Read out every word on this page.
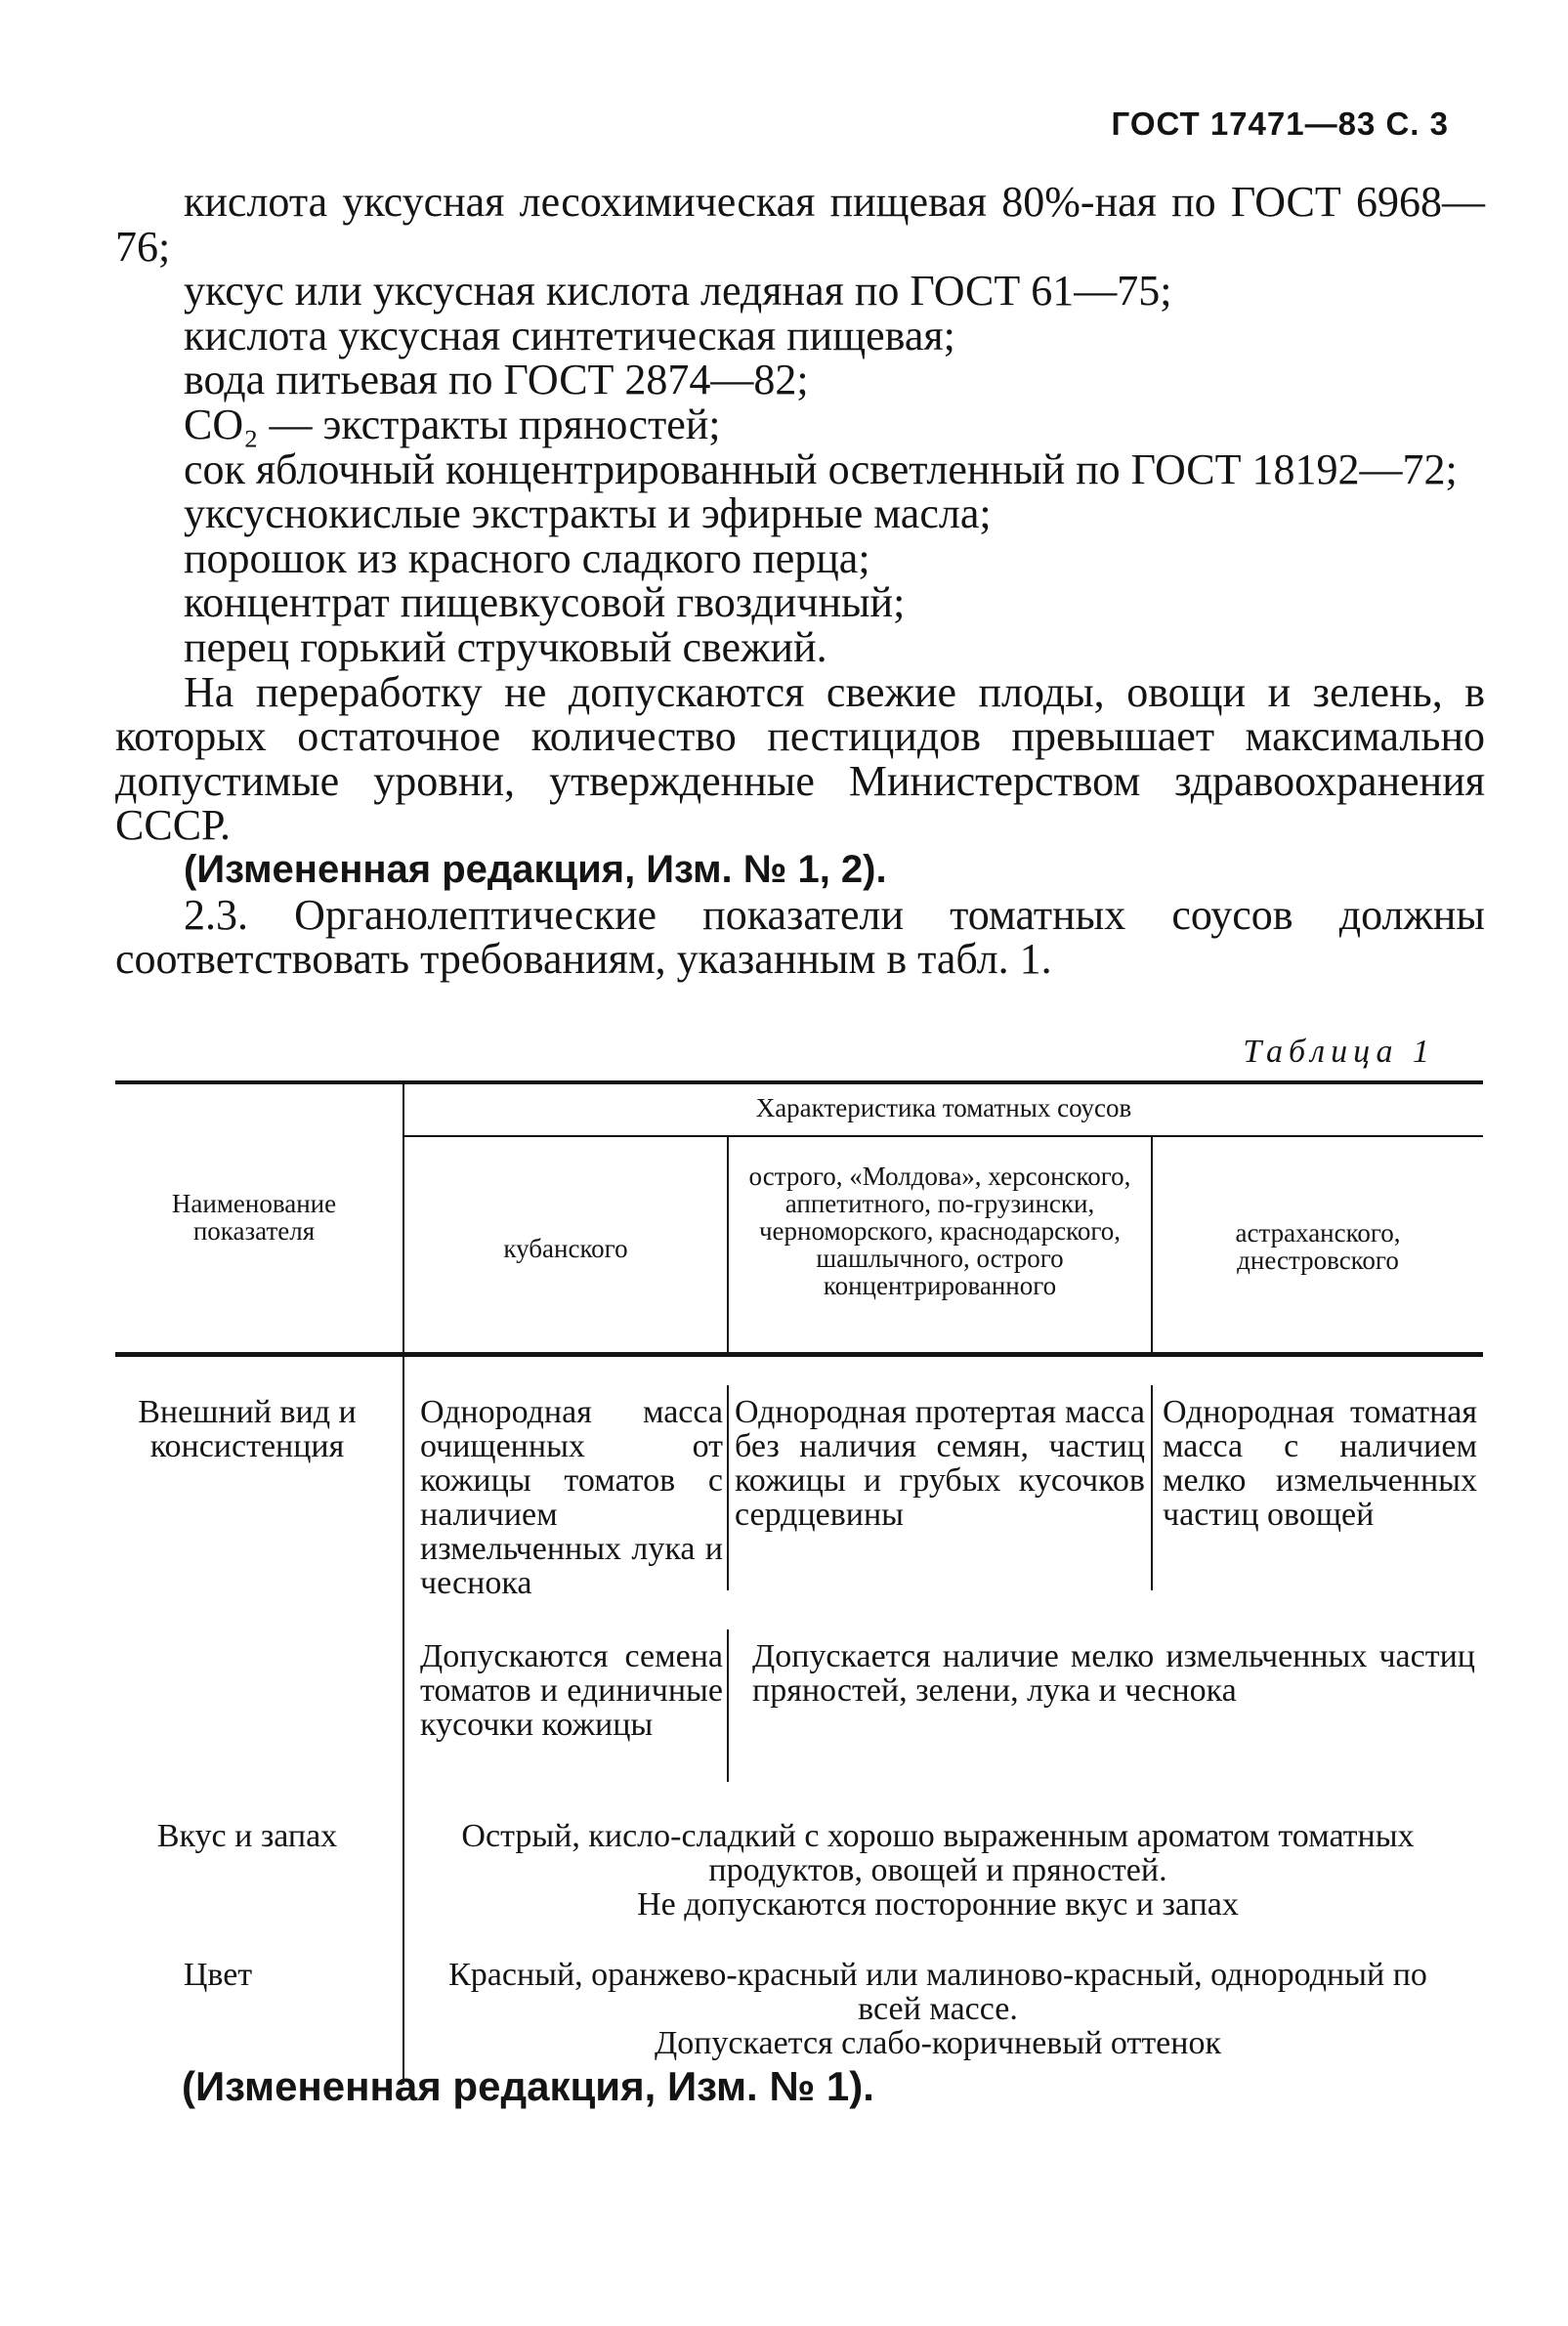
ГОСТ 17471—83 С. 3

кислота уксусная лесохимическая пищевая 80%-ная по ГОСТ 6968—76;

уксус или уксусная кислота ледяная по ГОСТ 61—75;

кислота уксусная синтетическая пищевая;

вода питьевая по ГОСТ 2874—82;

CO₂ — экстракты пряностей;

сок яблочный концентрированный осветленный по ГОСТ 18192—72;

уксуснокислые экстракты и эфирные масла;

порошок из красного сладкого перца;

концентрат пищевкусовой гвоздичный;

перец горький стручковый свежий.

На переработку не допускаются свежие плоды, овощи и зелень, в которых остаточное количество пестицидов превышает максимально допустимые уровни, утвержденные Министерством здравоохранения СССР.

(Измененная редакция, Изм. № 1, 2).

2.3. Органолептические показатели томатных соусов должны соответствовать требованиям, указанным в табл. 1.

Таблица 1
Наименование показателя
Характеристика томатных соусов
кубанского
острого, «Молдова», херсонского, аппетитного, по-грузински, черноморского, краснодарского, шашлычного, острого концентрированного
астраханского, днестровского
Внешний вид и консистенция
Однородная масса очищенных от кожицы томатов с наличием измельченных лука и чеснока
Однородная протертая масса без наличия семян, частиц кожицы и грубых кусочков сердцевины
Однородная томатная масса с наличием мелко измельченных частиц овощей
Допускаются семена томатов и единичные кусочки кожицы
Допускается наличие мелко измельченных частиц пряностей, зелени, лука и чеснока
Вкус и запах	Острый, кисло-сладкий с хорошо выраженным ароматом томатных продуктов, овощей и пряностей.
Не допускаются посторонние вкус и запах
Цвет	Красный, оранжево-красный или малиново-красный, однородный по всей массе.
Допускается слабо-коричневый оттенок
(Измененная редакция, Изм. № 1).
